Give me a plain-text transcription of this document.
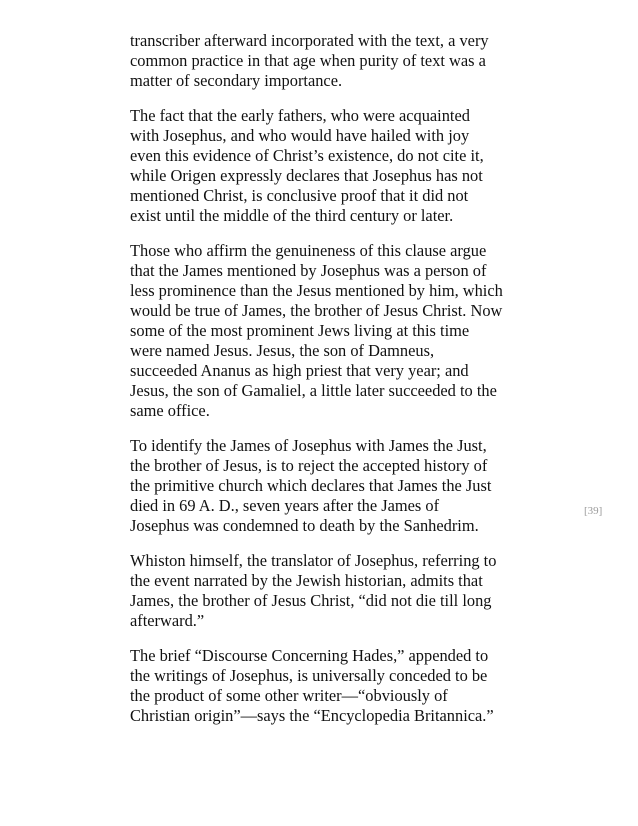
transcriber afterward incorporated with the text, a very
common practice in that age when purity of text was a
matter of secondary importance.
The fact that the early fathers, who were acquainted
with Josephus, and who would have hailed with joy
even this evidence of Christ’s existence, do not cite it,
while Origen expressly declares that Josephus has not
mentioned Christ, is conclusive proof that it did not
exist until the middle of the third century or later.
Those who affirm the genuineness of this clause argue
that the James mentioned by Josephus was a person of
less prominence than the Jesus mentioned by him, which
would be true of James, the brother of Jesus Christ. Now
some of the most prominent Jews living at this time
were named Jesus. Jesus, the son of Damneus,
succeeded Ananus as high priest that very year; and
Jesus, the son of Gamaliel, a little later succeeded to the
same office.
To identify the James of Josephus with James the Just,
the brother of Jesus, is to reject the accepted history of
the primitive church which declares that James the Just
died in 69 A. D., seven years after the James of
Josephus was condemned to death by the Sanhedrim.
Whiston himself, the translator of Josephus, referring to
the event narrated by the Jewish historian, admits that
James, the brother of Jesus Christ, “did not die till long
afterward.”
The brief “Discourse Concerning Hades,” appended to
the writings of Josephus, is universally conceded to be
the product of some other writer—“obviously of
Christian origin”—says the “Encyclopedia Britannica.”
[39]
